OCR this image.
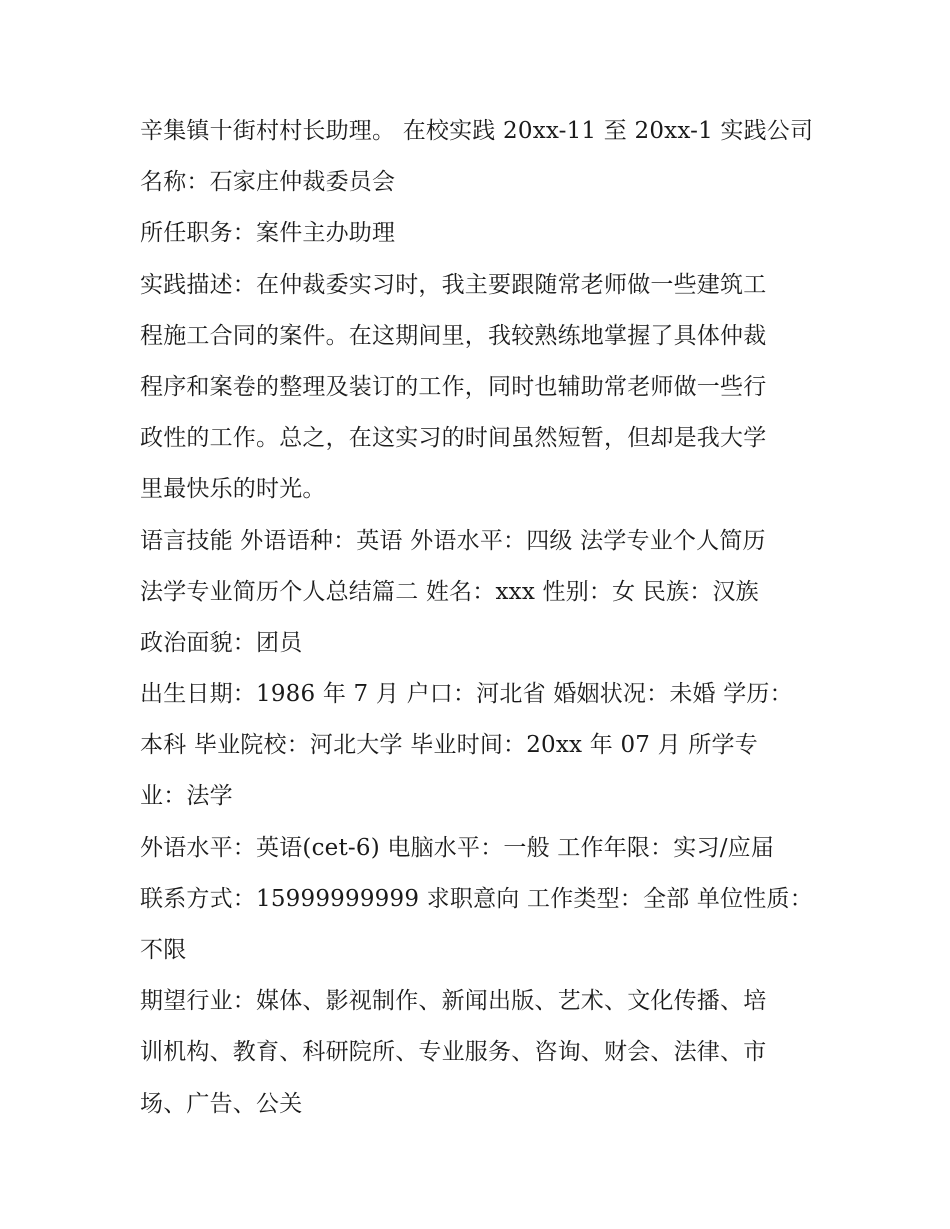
辛集镇十街村村长助理。 在校实践 20xx-11 至 20xx-1 实践公司
名称：石家庄仲裁委员会
所任职务：案件主办助理
实践描述：在仲裁委实习时，我主要跟随常老师做一些建筑工
程施工合同的案件。在这期间里，我较熟练地掌握了具体仲裁
程序和案卷的整理及装订的工作，同时也辅助常老师做一些行
政性的工作。总之，在这实习的时间虽然短暂，但却是我大学
里最快乐的时光。
语言技能 外语语种：英语 外语水平：四级 法学专业个人简历
法学专业简历个人总结篇二 姓名：xxx 性别：女 民族：汉族
政治面貌：团员
出生日期：1986 年 7 月 户口：河北省 婚姻状况：未婚 学历：
本科 毕业院校：河北大学 毕业时间：20xx 年 07 月 所学专
业：法学
外语水平：英语(cet-6) 电脑水平：一般 工作年限：实习/应届
联系方式：15999999999 求职意向 工作类型：全部 单位性质：
不限
期望行业：媒体、影视制作、新闻出版、艺术、文化传播、培
训机构、教育、科研院所、专业服务、咨询、财会、法律、市
场、广告、公关
